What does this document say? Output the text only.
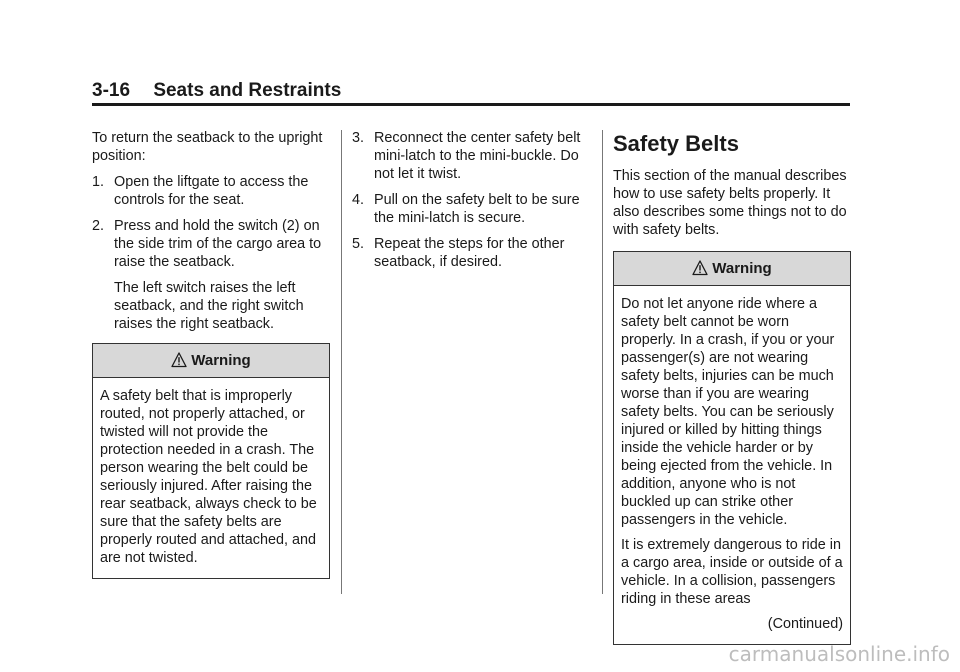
3-16 Seats and Restraints

To return the seatback to the upright position:

1. Open the liftgate to access the controls for the seat.
2. Press and hold the switch (2) on the side trim of the cargo area to raise the seatback.

The left switch raises the left seatback, and the right switch raises the right seatback.

Warning

A safety belt that is improperly routed, not properly attached, or twisted will not provide the protection needed in a crash. The person wearing the belt could be seriously injured. After raising the rear seatback, always check to be sure that the safety belts are properly routed and attached, and are not twisted.

3. Reconnect the center safety belt mini-latch to the mini-buckle. Do not let it twist.
4. Pull on the safety belt to be sure the mini-latch is secure.
5. Repeat the steps for the other seatback, if desired.
Safety Belts

This section of the manual describes how to use safety belts properly. It also describes some things not to do with safety belts.

Warning

Do not let anyone ride where a safety belt cannot be worn properly. In a crash, if you or your passenger(s) are not wearing safety belts, injuries can be much worse than if you are wearing safety belts. You can be seriously injured or killed by hitting things inside the vehicle harder or by being ejected from the vehicle. In addition, anyone who is not buckled up can strike other passengers in the vehicle.

It is extremely dangerous to ride in a cargo area, inside or outside of a vehicle. In a collision, passengers riding in these areas

(Continued)

carmanualsonline.info
